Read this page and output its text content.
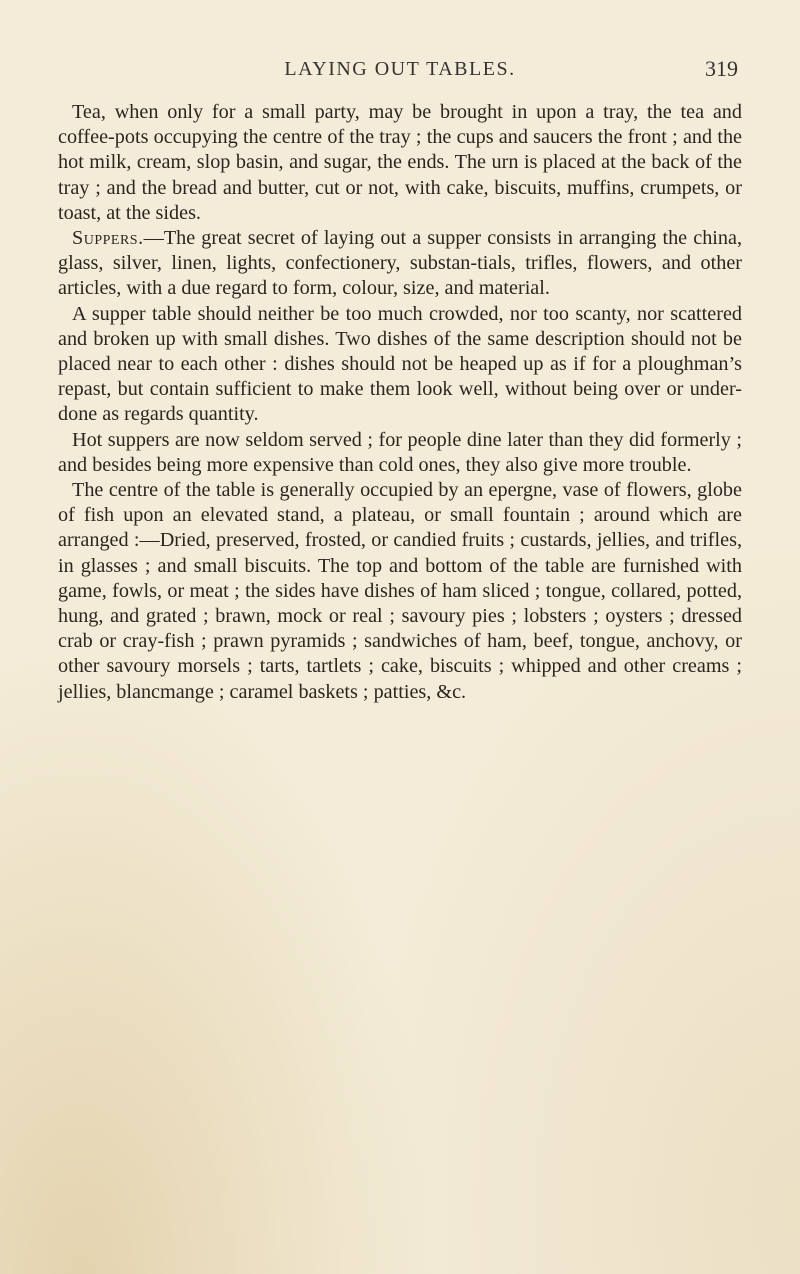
LAYING OUT TABLES.	319

Tea, when only for a small party, may be brought in upon a tray, the tea and coffee-pots occupying the centre of the tray ; the cups and saucers the front ; and the hot milk, cream, slop basin, and sugar, the ends. The urn is placed at the back of the tray ; and the bread and butter, cut or not, with cake, biscuits, muffins, crumpets, or toast, at the sides.

Suppers.—The great secret of laying out a supper consists in arranging the china, glass, silver, linen, lights, confectionery, substan-tials, trifles, flowers, and other articles, with a due regard to form, colour, size, and material.

A supper table should neither be too much crowded, nor too scanty, nor scattered and broken up with small dishes. Two dishes of the same description should not be placed near to each other : dishes should not be heaped up as if for a ploughman’s repast, but contain sufficient to make them look well, without being over or under-done as regards quantity.

Hot suppers are now seldom served ; for people dine later than they did formerly ; and besides being more expensive than cold ones, they also give more trouble.

The centre of the table is generally occupied by an epergne, vase of flowers, globe of fish upon an elevated stand, a plateau, or small fountain ; around which are arranged :—Dried, preserved, frosted, or candied fruits ; custards, jellies, and trifles, in glasses ; and small biscuits. The top and bottom of the table are furnished with game, fowls, or meat ; the sides have dishes of ham sliced ; tongue, collared, potted, hung, and grated ; brawn, mock or real ; savoury pies ; lobsters ; oysters ; dressed crab or cray-fish ; prawn pyramids ; sandwiches of ham, beef, tongue, anchovy, or other savoury morsels ; tarts, tartlets ; cake, biscuits ; whipped and other creams ; jellies, blancmange ; caramel baskets ; patties, &c.
